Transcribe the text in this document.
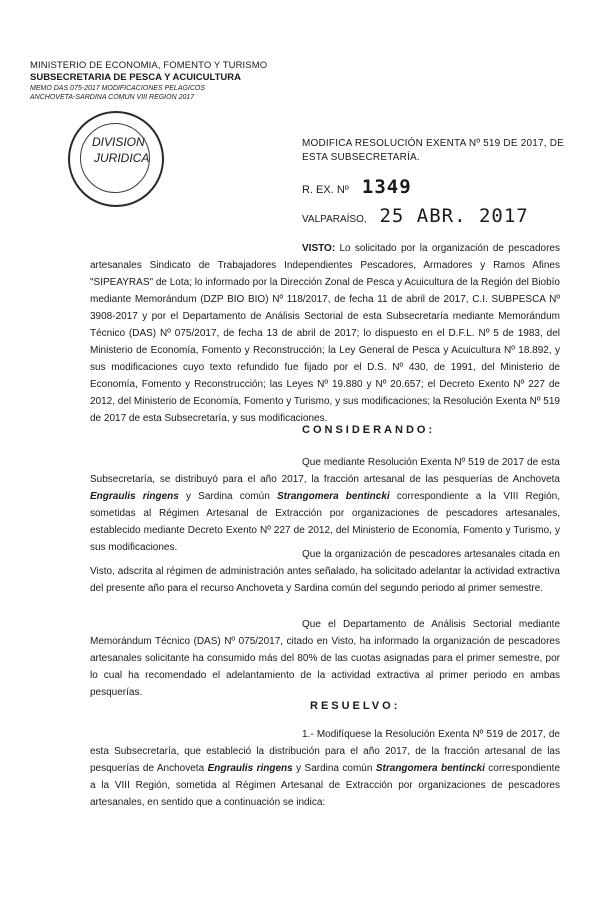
MINISTERIO DE ECONOMIA, FOMENTO Y TURISMO
SUBSECRETARIA DE PESCA Y ACUICULTURA
MEMO DAS 075-2017 MODIFICACIONES PELAGICOS
ANCHOVETA-SARDINA COMUN VIII REGION 2017
DIVISION
JURIDICA
MODIFICA RESOLUCIÓN EXENTA Nº 519 DE 2017, DE ESTA SUBSECRETARÍA.
R. EX. Nº 1349
VALPARAÍSO, 25 ABR. 2017
VISTO: Lo solicitado por la organización de pescadores artesanales Sindicato de Trabajadores Independientes Pescadores, Armadores y Ramos Afines "SIPEAYRAS" de Lota; lo informado por la Dirección Zonal de Pesca y Acuicultura de la Región del Biobío mediante Memorándum (DZP BIO BIO) Nº 118/2017, de fecha 11 de abril de 2017, C.I. SUBPESCA Nº 3908-2017 y por el Departamento de Análisis Sectorial de esta Subsecretaría mediante Memorándum Técnico (DAS) Nº 075/2017, de fecha 13 de abril de 2017; lo dispuesto en el D.F.L. Nº 5 de 1983, del Ministerio de Economía, Fomento y Reconstrucción; la Ley General de Pesca y Acuicultura Nº 18.892, y sus modificaciones cuyo texto refundido fue fijado por el D.S. Nº 430, de 1991, del Ministerio de Economía, Fomento y Reconstrucción; las Leyes Nº 19.880 y Nº 20.657; el Decreto Exento Nº 227 de 2012, del Ministerio de Economía, Fomento y Turismo, y sus modificaciones; la Resolución Exenta Nº 519 de 2017 de esta Subsecretaría, y sus modificaciones.
CONSIDERANDO:
Que mediante Resolución Exenta Nº 519 de 2017 de esta Subsecretaría, se distribuyó para el año 2017, la fracción artesanal de las pesquerías de Anchoveta Engraulis ringens y Sardina común Strangomera bentincki correspondiente a la VIII Región, sometidas al Régimen Artesanal de Extracción por organizaciones de pescadores artesanales, establecido mediante Decreto Exento Nº 227 de 2012, del Ministerio de Economía, Fomento y Turismo, y sus modificaciones.
Que la organización de pescadores artesanales citada en Visto, adscrita al régimen de administración antes señalado, ha solicitado adelantar la actividad extractiva del presente año para el recurso Anchoveta y Sardina común del segundo periodo al primer semestre.
Que el Departamento de Análisis Sectorial mediante Memorándum Técnico (DAS) Nº 075/2017, citado en Visto, ha informado la organización de pescadores artesanales solicitante ha consumido más del 80% de las cuotas asignadas para el primer semestre, por lo cual ha recomendado el adelantamiento de la actividad extractiva al primer periodo en ambas pesquerías.
RESUELVO:
1.- Modifíquese la Resolución Exenta Nº 519 de 2017, de esta Subsecretaría, que estableció la distribución para el año 2017, de la fracción artesanal de las pesquerías de Anchoveta Engraulis ringens y Sardina común Strangomera bentincki correspondiente a la VIII Región, sometida al Régimen Artesanal de Extracción por organizaciones de pescadores artesanales, en sentido que a continuación se indica:
